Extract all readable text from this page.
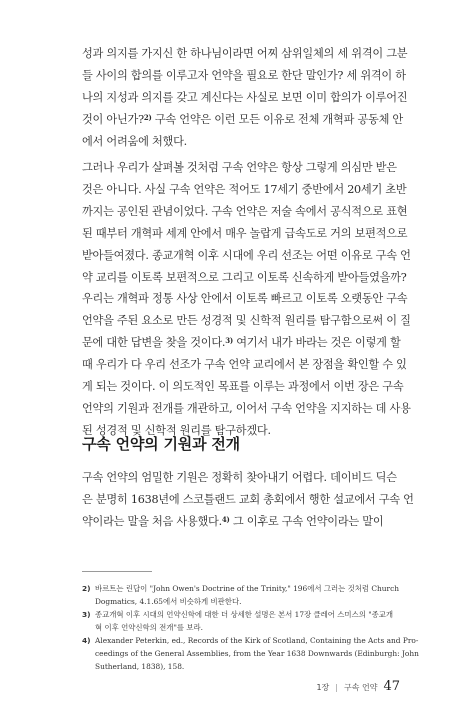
성과 의지를 가지신 한 하나님이라면 어찌 삼위일체의 세 위격이 그분

들 사이의 합의를 이루고자 언약을 필요로 한단 말인가? 세 위격이 하

나의 지성과 의지를 갖고 계신다는 사실로 보면 이미 합의가 이루어진

것이 아닌가?$^{2)}$ 구속 언약은 이런 모든 이유로 전체 개혁파 공동체 안

에서 어려움에 처했다.

그러나 우리가 살펴볼 것처럼 구속 언약은 항상 그렇게 의심만 받은

것은 아니다. 사실 구속 언약은 적어도 17세기 중반에서 20세기 초반

까지는 공인된 관념이었다. 구속 언약은 저술 속에서 공식적으로 표현

된 때부터 개혁파 세계 안에서 매우 놀랍게 급속도로 거의 보편적으로

받아들여졌다. 종교개혁 이후 시대에 우리 선조는 어떤 이유로 구속 언

약 교리를 이토록 보편적으로 그리고 이토록 신속하게 받아들였을까?

우리는 개혁파 정통 사상 안에서 이토록 빠르고 이토록 오랫동안 구속

언약을 주된 요소로 만든 성경적 및 신학적 원리를 탐구함으로써 이 질

문에 대한 답변을 찾을 것이다.$^{3)}$ 여기서 내가 바라는 것은 이렇게 할

때 우리가 다 우리 선조가 구속 언약 교리에서 본 장점을 확인할 수 있

게 되는 것이다. 이 의도적인 목표를 이루는 과정에서 이번 장은 구속

언약의 기원과 전개를 개관하고, 이어서 구속 언약을 지지하는 데 사용

된 성경적 및 신학적 원리를 탐구하겠다.

구속 언약의 기원과 전개

구속 언약의 엄밀한 기원은 정확히 찾아내기 어렵다. 데이비드 딕슨

은 분명히 1638년에 스코틀랜드 교회 총회에서 행한 설교에서 구속 언

약이라는 말을 처음 사용했다.$^{4)}$ 그 이후로 구속 언약이라는 말이

2) 바르트는 린답이 "John Owen's Doctrine of the Trinity," 196에서 그러는 것처럼 Church
Dogmatics, 4.1.65에서 비슷하게 비판한다.
3) 종교개혁 이후 시대의 언약신학에 대한 더 상세한 설명은 본서 17장 클레어 스미스의 "종교개
혁 이후 언약신학의 전개"를 보라.
4) Alexander Peterkin, ed., Records of the Kirk of Scotland, Containing the Acts and Pro-
ceedings of the General Assemblies, from the Year 1638 Downwards (Edinburgh: John
Sutherland, 1838), 158.
1장 | 구속 언약 47
